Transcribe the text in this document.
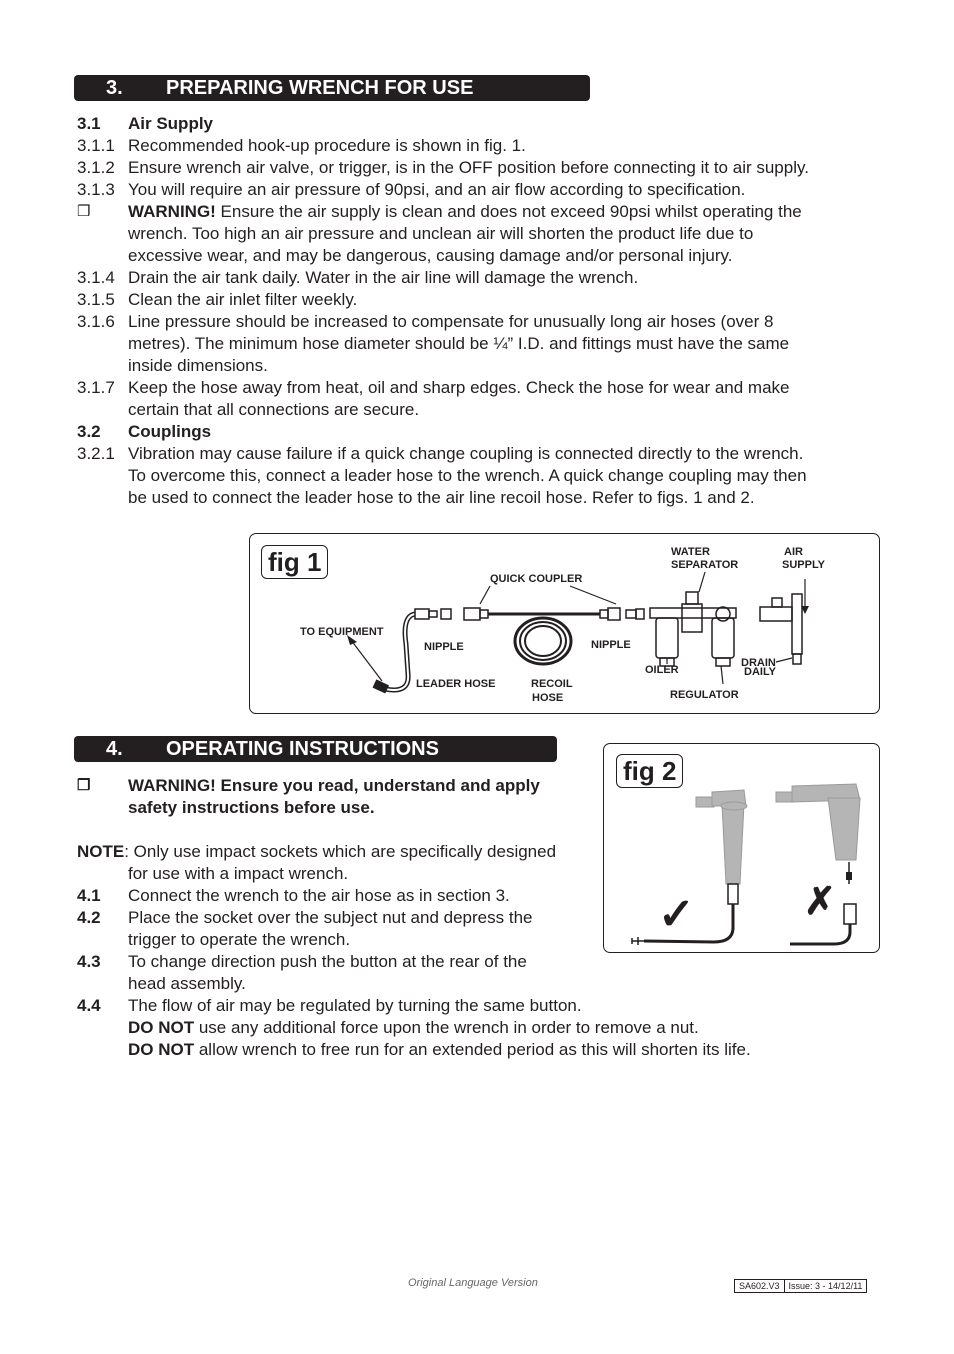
3. PREPARING WRENCH FOR USE
3.1 Air Supply
3.1.1 Recommended hook-up procedure is shown in fig. 1.
3.1.2 Ensure wrench air valve, or trigger, is in the OFF position before connecting it to air supply.
3.1.3 You will require an air pressure of 90psi, and an air flow according to specification.
❒ WARNING! Ensure the air supply is clean and does not exceed 90psi whilst operating the
wrench. Too high an air pressure and unclean air will shorten the product life due to
excessive wear, and may be dangerous, causing damage and/or personal injury.
3.1.4 Drain the air tank daily. Water in the air line will damage the wrench.
3.1.5 Clean the air inlet filter weekly.
3.1.6 Line pressure should be increased to compensate for unusually long air hoses (over 8
metres). The minimum hose diameter should be ¼” I.D. and fittings must have the same
inside dimensions.
3.1.7 Keep the hose away from heat, oil and sharp edges. Check the hose for wear and make
certain that all connections are secure.
3.2 Couplings
3.2.1 Vibration may cause failure if a quick change coupling is connected directly to the wrench.
To overcome this, connect a leader hose to the wrench. A quick change coupling may then
be used to connect the leader hose to the air line recoil hose. Refer to figs. 1 and 2.
fig 1	WATER
SEPARATOR
AIR
SUPPLY
QUICK COUPLER
TO EQUIPMENT
NIPPLE	NIPPLE
OILER
DRAIN
DAILY
LEADER HOSE	RECOIL
HOSE	REGULATOR
4. OPERATING INSTRUCTIONS
❒ WARNING! Ensure you read, understand and apply
safety instructions before use.
NOTE: Only use impact sockets which are specifically designed
for use with a impact wrench.
4.1 Connect the wrench to the air hose as in section 3.
4.2 Place the socket over the subject nut and depress the
trigger to operate the wrench.
4.3 To change direction push the button at the rear of the
head assembly.
4.4 The flow of air may be regulated by turning the same button.
DO NOT use any additional force upon the wrench in order to remove a nut.
DO NOT allow wrench to free run for an extended period as this will shorten its life.
fig 2
✓	✗
Original Language Version	SA602.V3	Issue: 3 - 14/12/11
